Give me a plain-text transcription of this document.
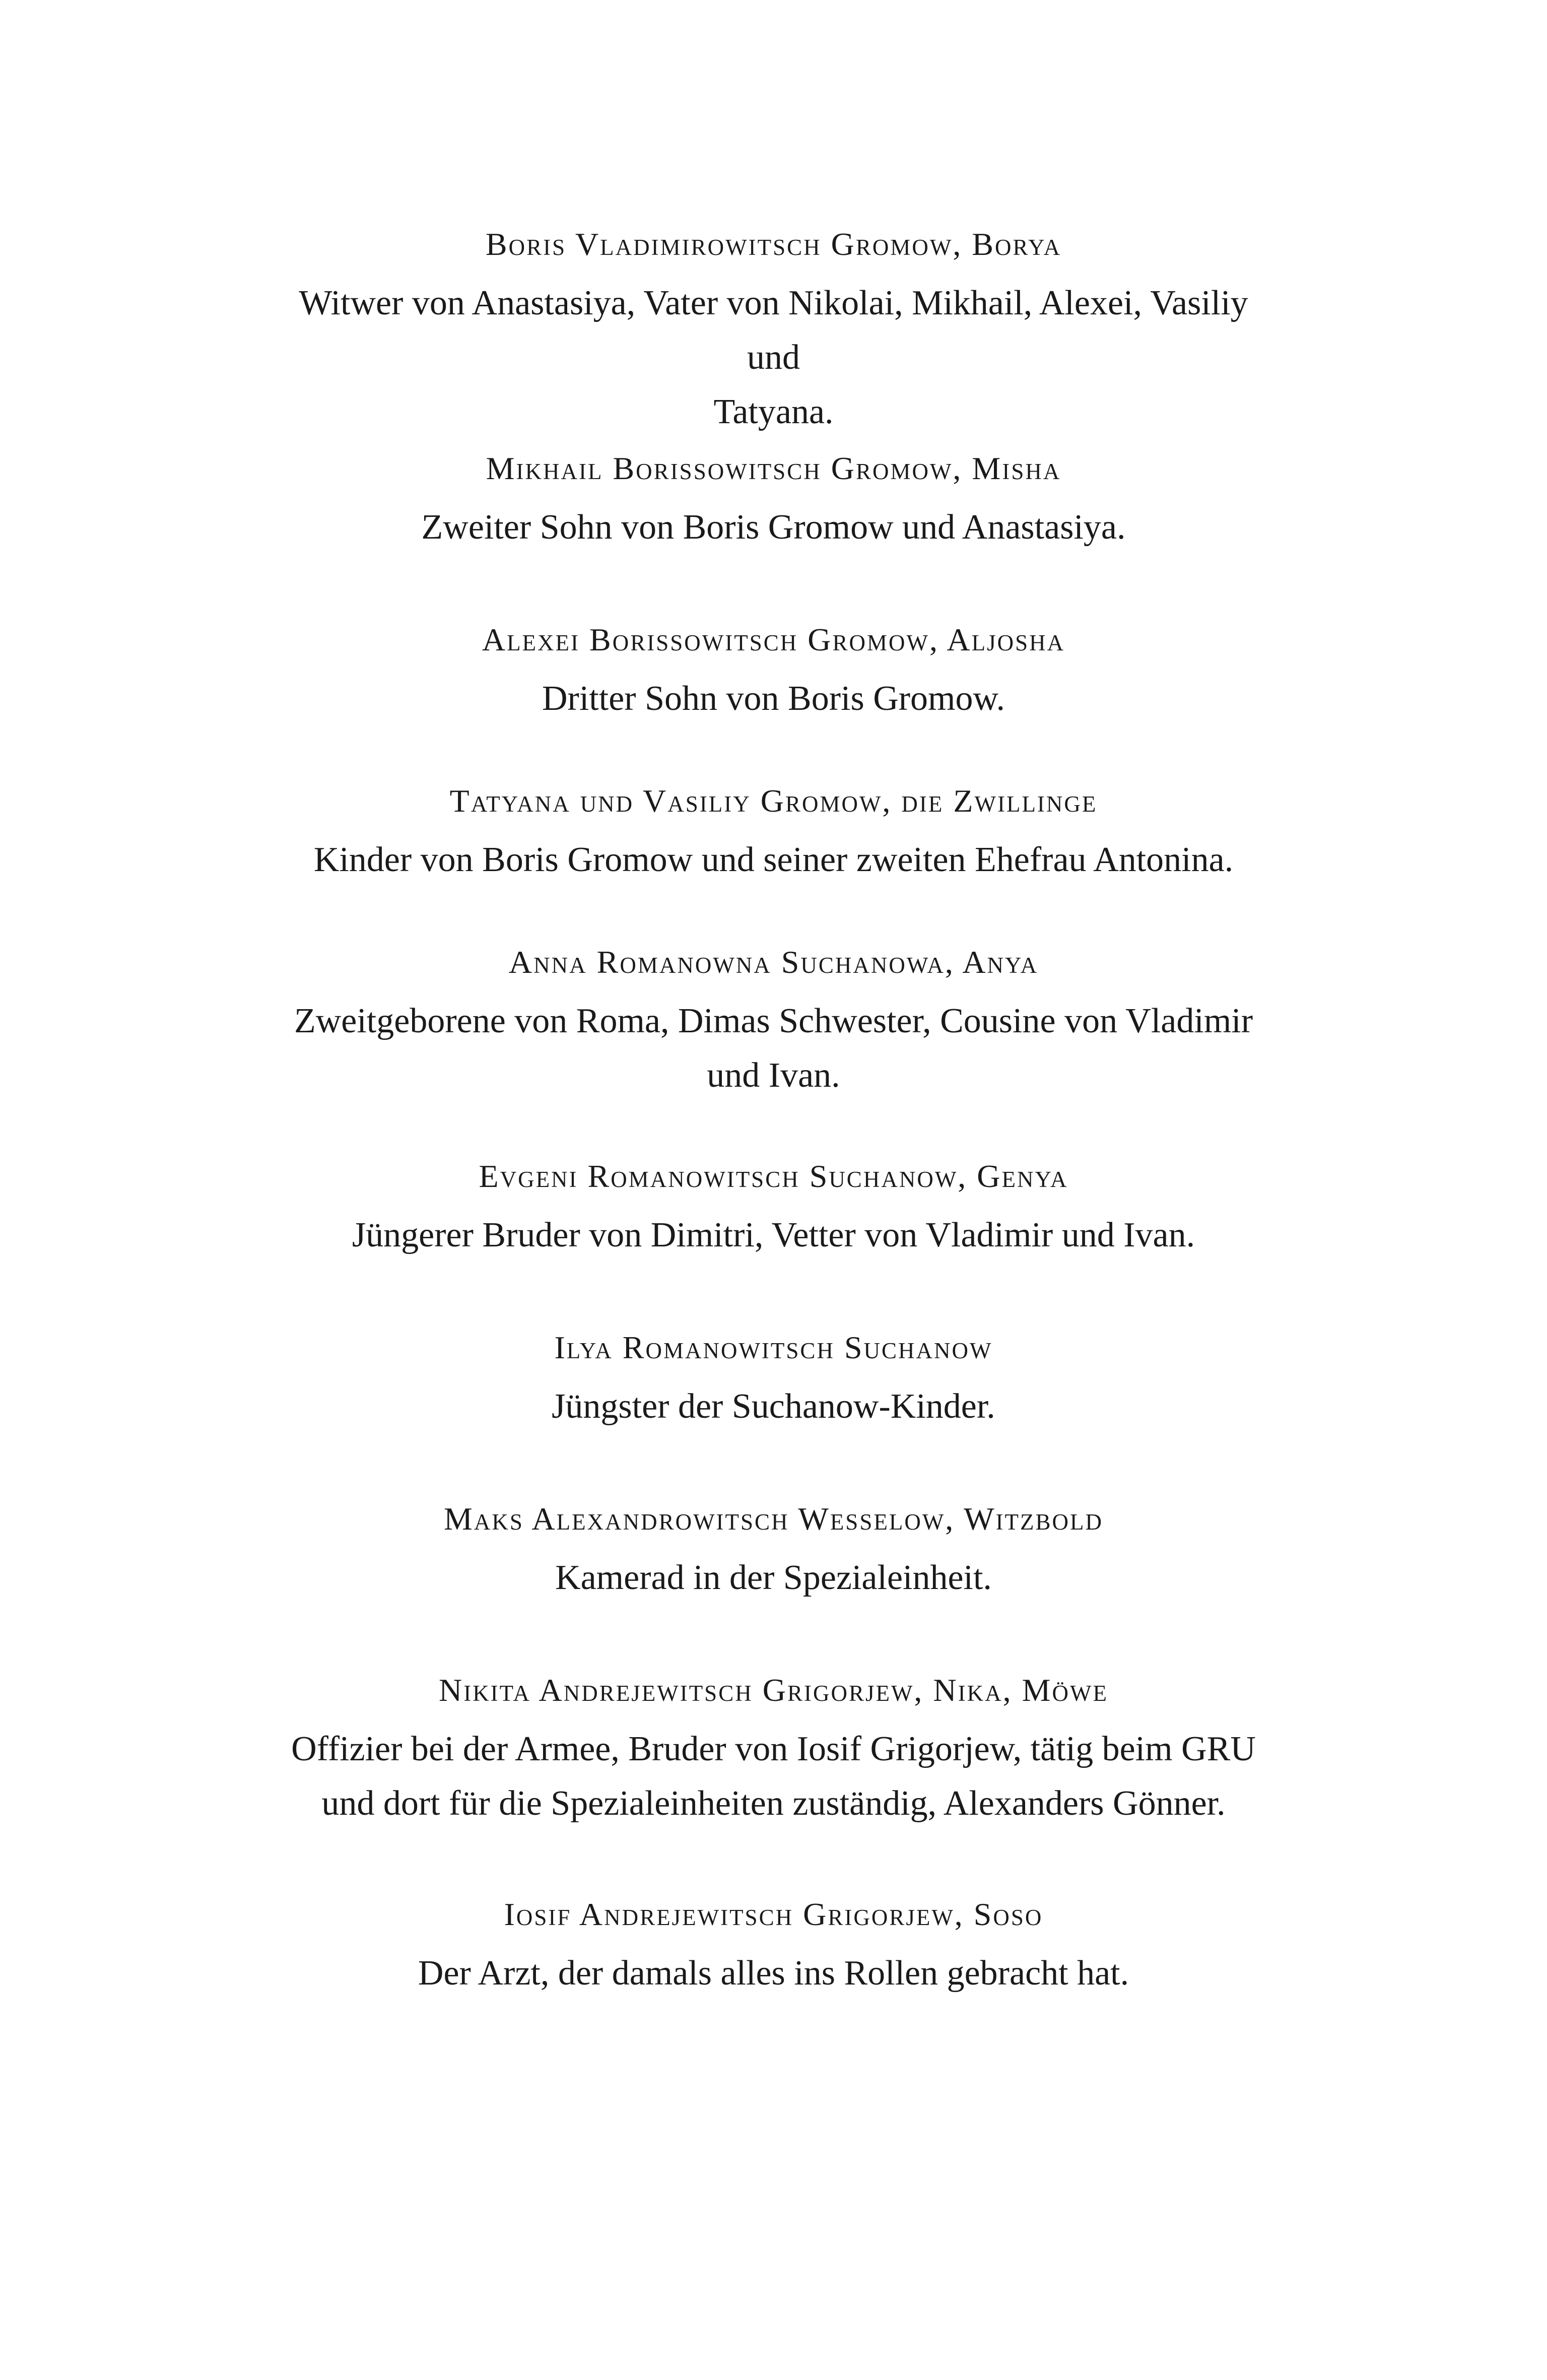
Boris Vladimirowitsch Gromow, Borya

Witwer von Anastasiya, Vater von Nikolai, Mikhail, Alexei, Vasiliy und
Tatyana.

Mikhail Borissowitsch Gromow, Misha

Zweiter Sohn von Boris Gromow und Anastasiya.

Alexei Borissowitsch Gromow, Aljosha

Dritter Sohn von Boris Gromow.

Tatyana und Vasiliy Gromow, die Zwillinge

Kinder von Boris Gromow und seiner zweiten Ehefrau Antonina.

Anna Romanowna Suchanowa, Anya

Zweitgeborene von Roma, Dimas Schwester, Cousine von Vladimir
und Ivan.

Evgeni Romanowitsch Suchanow, Genya

Jüngerer Bruder von Dimitri, Vetter von Vladimir und Ivan.

Ilya Romanowitsch Suchanow

Jüngster der Suchanow-Kinder.

Maks Alexandrowitsch Wesselow, Witzbold

Kamerad in der Spezialeinheit.

Nikita Andrejewitsch Grigorjew, Nika, Möwe

Offizier bei der Armee, Bruder von Iosif Grigorjew, tätig beim GRU
und dort für die Spezialeinheiten zuständig, Alexanders Gönner.

Iosif Andrejewitsch Grigorjew, Soso

Der Arzt, der damals alles ins Rollen gebracht hat.
